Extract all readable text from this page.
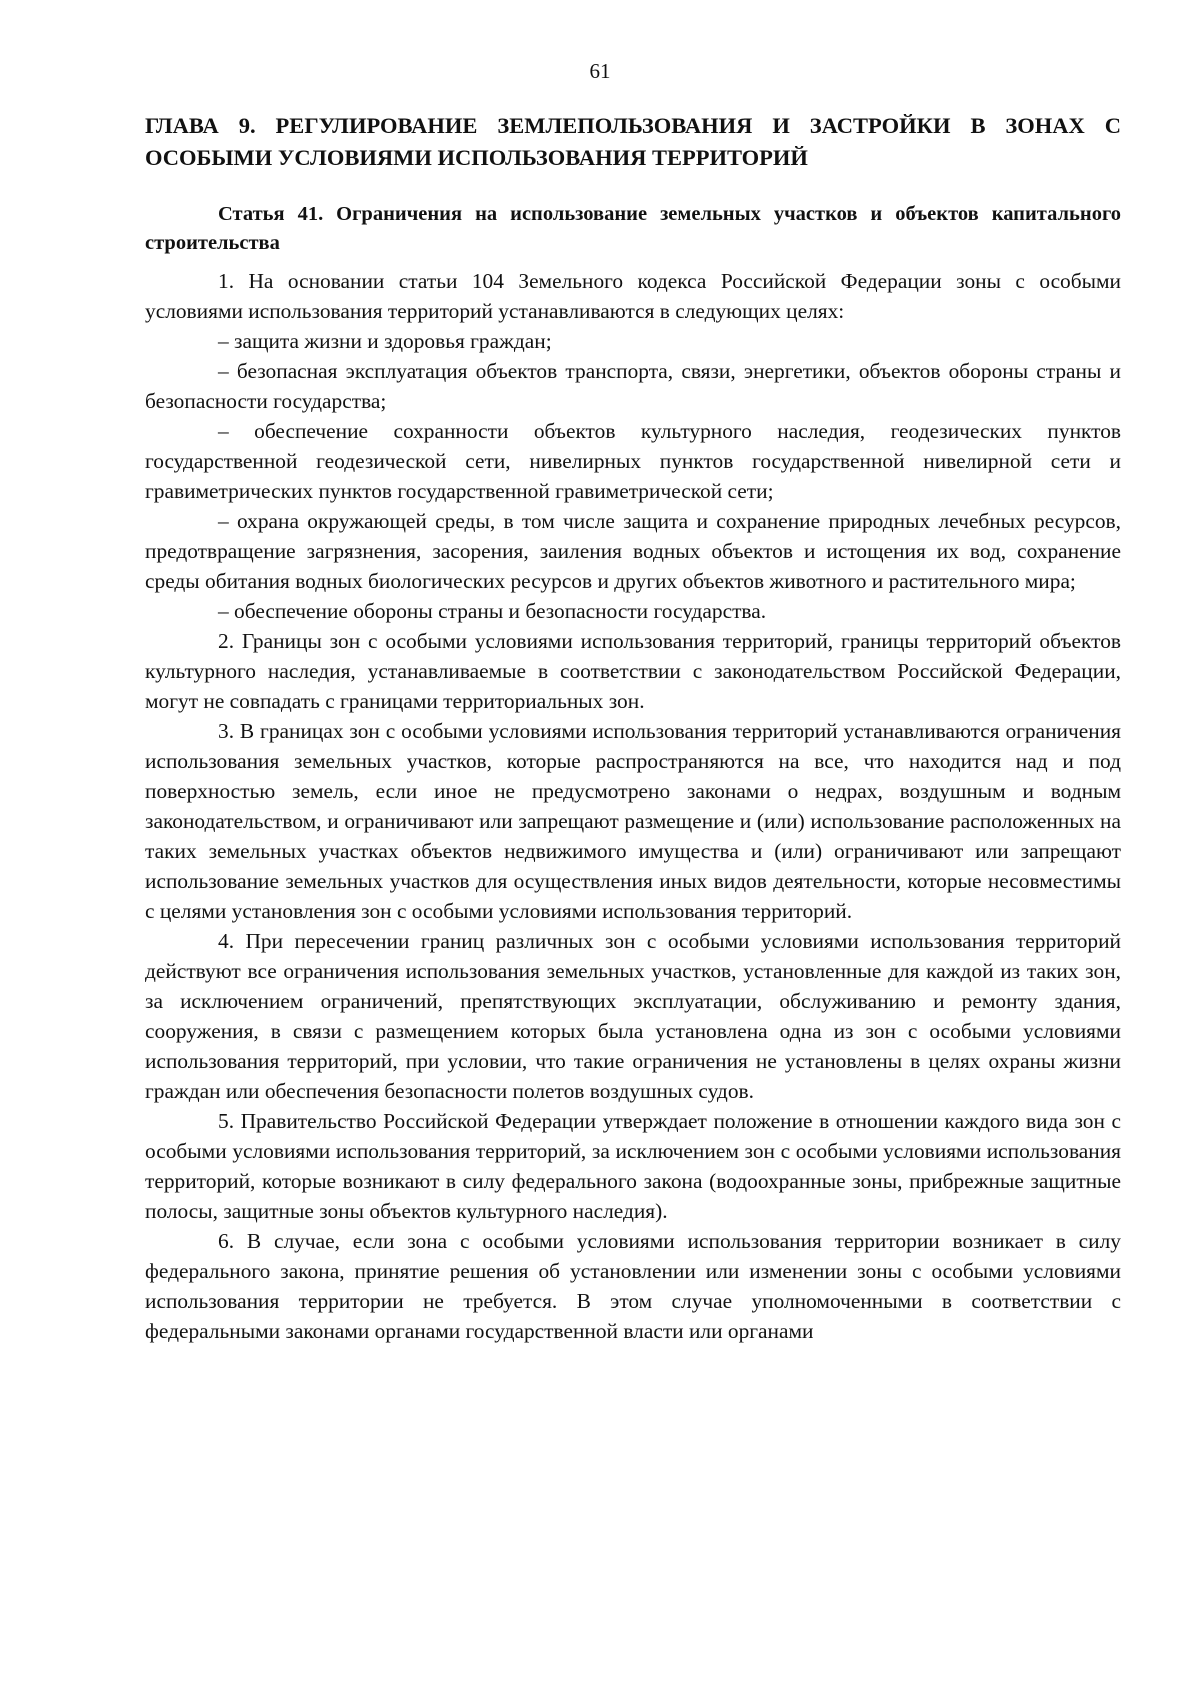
61
ГЛАВА 9. РЕГУЛИРОВАНИЕ ЗЕМЛЕПОЛЬЗОВАНИЯ И ЗАСТРОЙКИ В ЗОНАХ С ОСОБЫМИ УСЛОВИЯМИ ИСПОЛЬЗОВАНИЯ ТЕРРИТОРИЙ
Статья 41. Ограничения на использование земельных участков и объектов капитального строительства

1. На основании статьи 104 Земельного кодекса Российской Федерации зоны с особыми условиями использования территорий устанавливаются в следующих целях:

– защита жизни и здоровья граждан;

– безопасная эксплуатация объектов транспорта, связи, энергетики, объектов обороны страны и безопасности государства;

– обеспечение сохранности объектов культурного наследия, геодезических пунктов государственной геодезической сети, нивелирных пунктов государственной нивелирной сети и гравиметрических пунктов государственной гравиметрической сети;

– охрана окружающей среды, в том числе защита и сохранение природных лечебных ресурсов, предотвращение загрязнения, засорения, заиления водных объектов и истощения их вод, сохранение среды обитания водных биологических ресурсов и других объектов животного и растительного мира;

– обеспечение обороны страны и безопасности государства.

2. Границы зон с особыми условиями использования территорий, границы территорий объектов культурного наследия, устанавливаемые в соответствии с законодательством Российской Федерации, могут не совпадать с границами территориальных зон.

3. В границах зон с особыми условиями использования территорий устанавливаются ограничения использования земельных участков, которые распространяются на все, что находится над и под поверхностью земель, если иное не предусмотрено законами о недрах, воздушным и водным законодательством, и ограничивают или запрещают размещение и (или) использование расположенных на таких земельных участках объектов недвижимого имущества и (или) ограничивают или запрещают использование земельных участков для осуществления иных видов деятельности, которые несовместимы с целями установления зон с особыми условиями использования территорий.

4. При пересечении границ различных зон с особыми условиями использования территорий действуют все ограничения использования земельных участков, установленные для каждой из таких зон, за исключением ограничений, препятствующих эксплуатации, обслуживанию и ремонту здания, сооружения, в связи с размещением которых была установлена одна из зон с особыми условиями использования территорий, при условии, что такие ограничения не установлены в целях охраны жизни граждан или обеспечения безопасности полетов воздушных судов.

5. Правительство Российской Федерации утверждает положение в отношении каждого вида зон с особыми условиями использования территорий, за исключением зон с особыми условиями использования территорий, которые возникают в силу федерального закона (водоохранные зоны, прибрежные защитные полосы, защитные зоны объектов культурного наследия).

6. В случае, если зона с особыми условиями использования территории возникает в силу федерального закона, принятие решения об установлении или изменении зоны с особыми условиями использования территории не требуется. В этом случае уполномоченными в соответствии с федеральными законами органами государственной власти или органами
